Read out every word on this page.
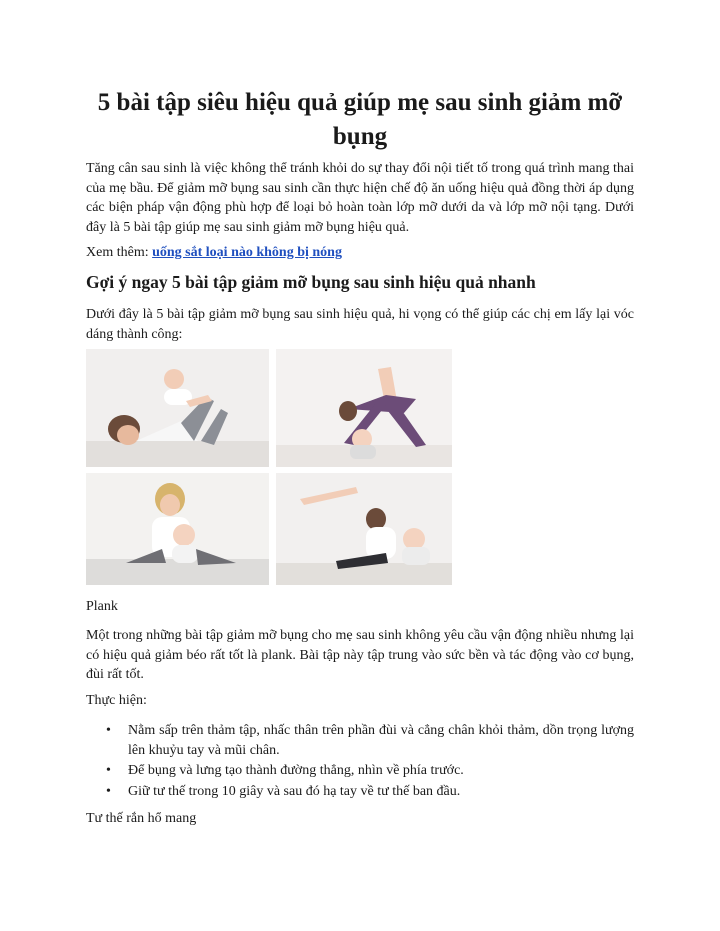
5 bài tập siêu hiệu quả giúp mẹ sau sinh giảm mỡ bụng

Tăng cân sau sinh là việc không thể tránh khỏi do sự thay đổi nội tiết tố trong quá trình mang thai của mẹ bầu. Để giảm mỡ bụng sau sinh cần thực hiện chế độ ăn uống hiệu quả đồng thời áp dụng các biện pháp vận động phù hợp để loại bỏ hoàn toàn lớp mỡ dưới da và lớp mỡ nội tạng. Dưới đây là 5 bài tập giúp mẹ sau sinh giảm mỡ bụng hiệu quả.

Xem thêm: uống sắt loại nào không bị nóng

Gợi ý ngay 5 bài tập giảm mỡ bụng sau sinh hiệu quả nhanh

Dưới đây là 5 bài tập giảm mỡ bụng sau sinh hiệu quả, hi vọng có thể giúp các chị em lấy lại vóc dáng thành công:

Plank

Một trong những bài tập giảm mỡ bụng cho mẹ sau sinh không yêu cầu vận động nhiều nhưng lại có hiệu quả giảm béo rất tốt là plank. Bài tập này tập trung vào sức bền và tác động vào cơ bụng, đùi rất tốt.

Thực hiện:

• Nằm sấp trên thảm tập, nhấc thân trên phần đùi và cẳng chân khỏi thảm, dồn trọng lượng lên khuỷu tay và mũi chân.
• Để bụng và lưng tạo thành đường thẳng, nhìn về phía trước.
• Giữ tư thế trong 10 giây và sau đó hạ tay về tư thế ban đầu.

Tư thế rắn hổ mang
